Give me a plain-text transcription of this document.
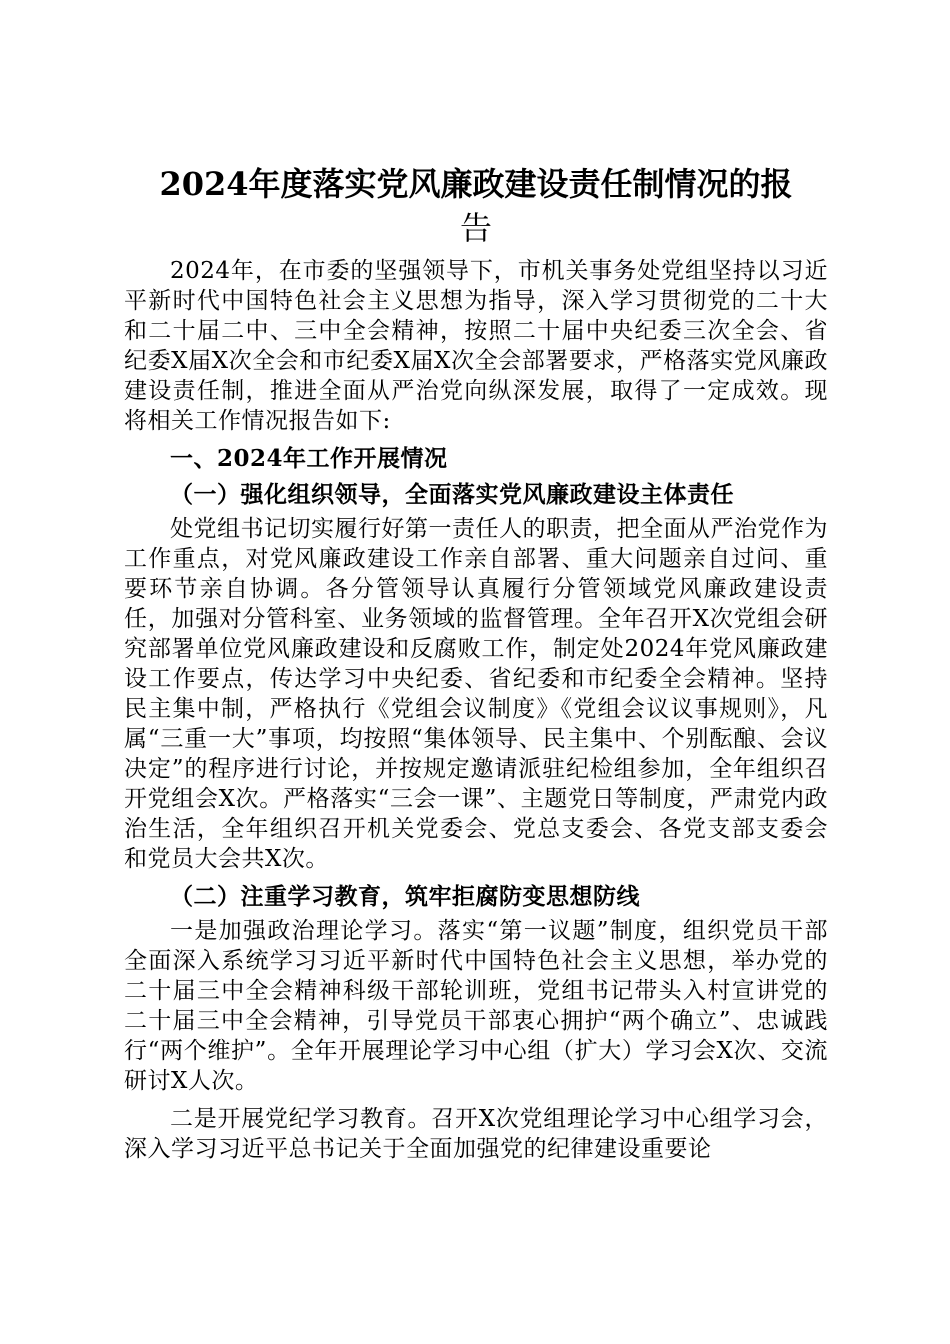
2024年度落实党风廉政建设责任制情况的报
告

2024年，在市委的坚强领导下，市机关事务处党组坚持以习近平新时代中国特色社会主义思想为指导，深入学习贯彻党的二十大和二十届二中、三中全会精神，按照二十届中央纪委三次全会、省纪委X届X次全会和市纪委X届X次全会部署要求，严格落实党风廉政建设责任制，推进全面从严治党向纵深发展，取得了一定成效。现将相关工作情况报告如下:

一、2024年工作开展情况
（一）强化组织领导，全面落实党风廉政建设主体责任

处党组书记切实履行好第一责任人的职责，把全面从严治党作为工作重点，对党风廉政建设工作亲自部署、重大问题亲自过问、重要环节亲自协调。各分管领导认真履行分管领域党风廉政建设责任，加强对分管科室、业务领域的监督管理。全年召开X次党组会研究部署单位党风廉政建设和反腐败工作，制定处2024年党风廉政建设工作要点，传达学习中央纪委、省纪委和市纪委全会精神。坚持民主集中制，严格执行《党组会议制度》《党组会议议事规则》，凡属“三重一大”事项，均按照“集体领导、民主集中、个别酝酿、会议决定”的程序进行讨论，并按规定邀请派驻纪检组参加，全年组织召开党组会X次。严格落实“三会一课”、主题党日等制度，严肃党内政治生活，全年组织召开机关党委会、党总支委会、各党支部支委会和党员大会共X次。

（二）注重学习教育，筑牢拒腐防变思想防线

一是加强政治理论学习。落实“第一议题”制度，组织党员干部全面深入系统学习习近平新时代中国特色社会主义思想，举办党的二十届三中全会精神科级干部轮训班，党组书记带头入村宣讲党的二十届三中全会精神，引导党员干部衷心拥护“两个确立”、忠诚践行“两个维护”。全年开展理论学习中心组（扩大）学习会X次、交流研讨X人次。

二是开展党纪学习教育。召开X次党组理论学习中心组学习会，深入学习习近平总书记关于全面加强党的纪律建设重要论
